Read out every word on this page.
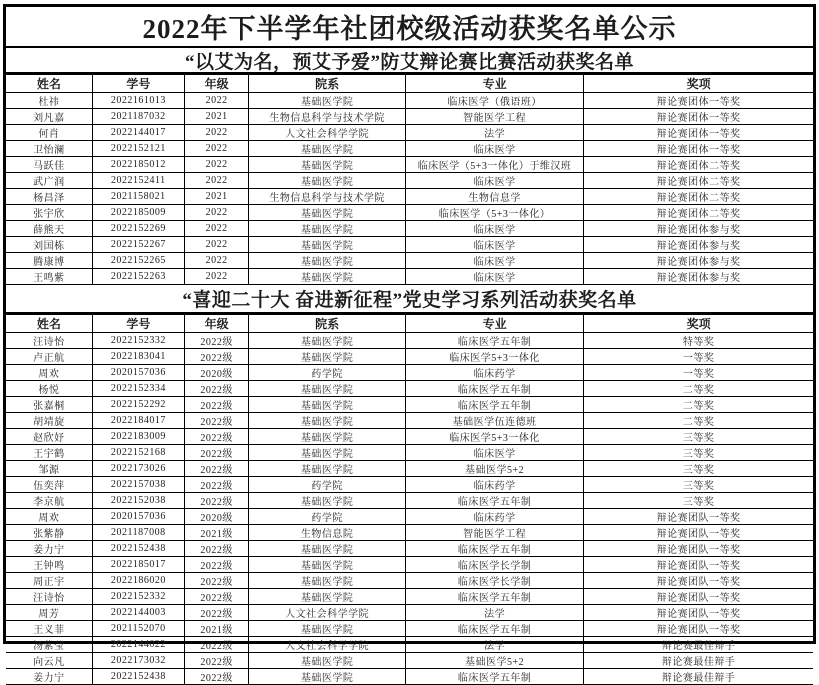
2022年下半学年社团校级活动获奖名单公示
“以艾为名，预艾予爱”防艾辩论赛比赛活动获奖名单
姓名	学号	年级	院系	专业	奖项
杜祎	2022161013	2022	基础医学院	临床医学（俄语班）	辩论赛团体一等奖
刘凡嘉	2021187032	2021	生物信息科学与技术学院	智能医学工程	辩论赛团体一等奖
何肖	2022144017	2022	人文社会科学学院	法学	辩论赛团体一等奖
卫怡澜	2022152121	2022	基础医学院	临床医学	辩论赛团体一等奖
马跃佳	2022185012	2022	基础医学院	临床医学（5+3一体化）于维汉班	辩论赛团体二等奖
武广润	2022152411	2022	基础医学院	临床医学	辩论赛团体二等奖
杨昌泽	2021158021	2021	生物信息科学与技术学院	生物信息学	辩论赛团体二等奖
张宇欣	2022185009	2022	基础医学院	临床医学（5+3一体化）	辩论赛团体二等奖
薛熊天	2022152269	2022	基础医学院	临床医学	辩论赛团体参与奖
刘国栋	2022152267	2022	基础医学院	临床医学	辩论赛团体参与奖
腾康博	2022152265	2022	基础医学院	临床医学	辩论赛团体参与奖
王鸣紫	2022152263	2022	基础医学院	临床医学	辩论赛团体参与奖
“喜迎二十大 奋进新征程”党史学习系列活动获奖名单
姓名	学号	年级	院系	专业	奖项
汪诗怡	2022152332	2022级	基础医学院	临床医学五年制	特等奖
卢正航	2022183041	2022级	基础医学院	临床医学5+3一体化	一等奖
周欢	2020157036	2020级	药学院	临床药学	一等奖
杨悦	2022152334	2022级	基础医学院	临床医学五年制	二等奖
张嘉桐	2022152292	2022级	基础医学院	临床医学五年制	二等奖
胡靖旋	2022184017	2022级	基础医学院	基础医学伍连德班	二等奖
赵欣妤	2022183009	2022级	基础医学院	临床医学5+3一体化	三等奖
王宇鹤	2022152168	2022级	基础医学院	临床医学	三等奖
邹源	2022173026	2022级	基础医学院	基础医学5+2	三等奖
伍奕萍	2022157038	2022级	药学院	临床药学	三等奖
李京航	2022152038	2022级	基础医学院	临床医学五年制	三等奖
周欢	2020157036	2020级	药学院	临床药学	辩论赛团队一等奖
张紫静	2021187008	2021级	生物信息院	智能医学工程	辩论赛团队一等奖
姜力宁	2022152438	2022级	基础医学院	临床医学五年制	辩论赛团队一等奖
王钟鸣	2022185017	2022级	基础医学院	临床医学长学制	辩论赛团队一等奖
周正宇	2022186020	2022级	基础医学院	临床医学长学制	辩论赛团队一等奖
汪诗怡	2022152332	2022级	基础医学院	临床医学五年制	辩论赛团队一等奖
周芳	2022144003	2022级	人文社会科学学院	法学	辩论赛团队一等奖
王义菲	2021152070	2021级	基础医学院	临床医学五年制	辩论赛团队一等奖
汤紫莹	2022144022	2022级	人文社会科学学院	法学	辩论赛最佳辩手
向云凡	2022173032	2022级	基础医学院	基础医学5+2	辩论赛最佳辩手
姜力宁	2022152438	2022级	基础医学院	临床医学五年制	辩论赛最佳辩手
